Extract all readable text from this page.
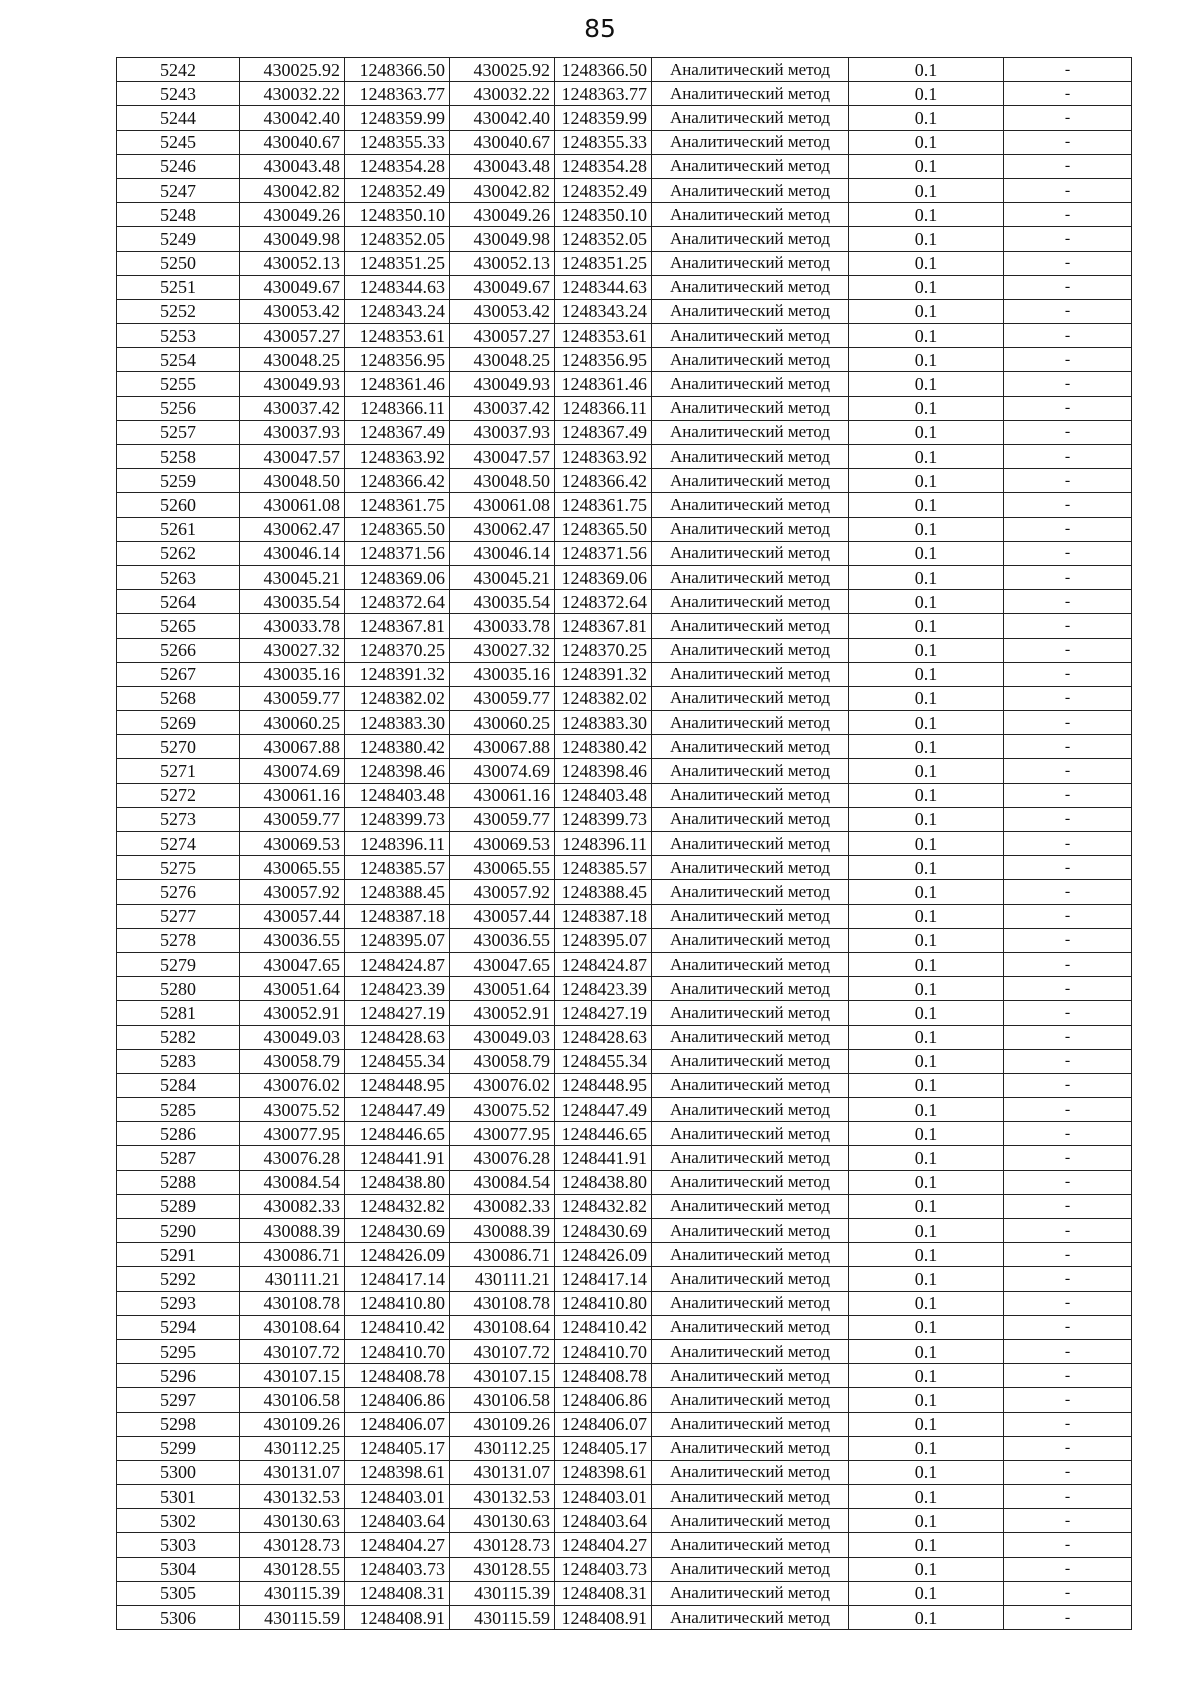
85
5242	430025.92	1248366.50	430025.92	1248366.50	Аналитический метод	0.1	-
5243	430032.22	1248363.77	430032.22	1248363.77	Аналитический метод	0.1	-
5244	430042.40	1248359.99	430042.40	1248359.99	Аналитический метод	0.1	-
5245	430040.67	1248355.33	430040.67	1248355.33	Аналитический метод	0.1	-
5246	430043.48	1248354.28	430043.48	1248354.28	Аналитический метод	0.1	-
5247	430042.82	1248352.49	430042.82	1248352.49	Аналитический метод	0.1	-
5248	430049.26	1248350.10	430049.26	1248350.10	Аналитический метод	0.1	-
5249	430049.98	1248352.05	430049.98	1248352.05	Аналитический метод	0.1	-
5250	430052.13	1248351.25	430052.13	1248351.25	Аналитический метод	0.1	-
5251	430049.67	1248344.63	430049.67	1248344.63	Аналитический метод	0.1	-
5252	430053.42	1248343.24	430053.42	1248343.24	Аналитический метод	0.1	-
5253	430057.27	1248353.61	430057.27	1248353.61	Аналитический метод	0.1	-
5254	430048.25	1248356.95	430048.25	1248356.95	Аналитический метод	0.1	-
5255	430049.93	1248361.46	430049.93	1248361.46	Аналитический метод	0.1	-
5256	430037.42	1248366.11	430037.42	1248366.11	Аналитический метод	0.1	-
5257	430037.93	1248367.49	430037.93	1248367.49	Аналитический метод	0.1	-
5258	430047.57	1248363.92	430047.57	1248363.92	Аналитический метод	0.1	-
5259	430048.50	1248366.42	430048.50	1248366.42	Аналитический метод	0.1	-
5260	430061.08	1248361.75	430061.08	1248361.75	Аналитический метод	0.1	-
5261	430062.47	1248365.50	430062.47	1248365.50	Аналитический метод	0.1	-
5262	430046.14	1248371.56	430046.14	1248371.56	Аналитический метод	0.1	-
5263	430045.21	1248369.06	430045.21	1248369.06	Аналитический метод	0.1	-
5264	430035.54	1248372.64	430035.54	1248372.64	Аналитический метод	0.1	-
5265	430033.78	1248367.81	430033.78	1248367.81	Аналитический метод	0.1	-
5266	430027.32	1248370.25	430027.32	1248370.25	Аналитический метод	0.1	-
5267	430035.16	1248391.32	430035.16	1248391.32	Аналитический метод	0.1	-
5268	430059.77	1248382.02	430059.77	1248382.02	Аналитический метод	0.1	-
5269	430060.25	1248383.30	430060.25	1248383.30	Аналитический метод	0.1	-
5270	430067.88	1248380.42	430067.88	1248380.42	Аналитический метод	0.1	-
5271	430074.69	1248398.46	430074.69	1248398.46	Аналитический метод	0.1	-
5272	430061.16	1248403.48	430061.16	1248403.48	Аналитический метод	0.1	-
5273	430059.77	1248399.73	430059.77	1248399.73	Аналитический метод	0.1	-
5274	430069.53	1248396.11	430069.53	1248396.11	Аналитический метод	0.1	-
5275	430065.55	1248385.57	430065.55	1248385.57	Аналитический метод	0.1	-
5276	430057.92	1248388.45	430057.92	1248388.45	Аналитический метод	0.1	-
5277	430057.44	1248387.18	430057.44	1248387.18	Аналитический метод	0.1	-
5278	430036.55	1248395.07	430036.55	1248395.07	Аналитический метод	0.1	-
5279	430047.65	1248424.87	430047.65	1248424.87	Аналитический метод	0.1	-
5280	430051.64	1248423.39	430051.64	1248423.39	Аналитический метод	0.1	-
5281	430052.91	1248427.19	430052.91	1248427.19	Аналитический метод	0.1	-
5282	430049.03	1248428.63	430049.03	1248428.63	Аналитический метод	0.1	-
5283	430058.79	1248455.34	430058.79	1248455.34	Аналитический метод	0.1	-
5284	430076.02	1248448.95	430076.02	1248448.95	Аналитический метод	0.1	-
5285	430075.52	1248447.49	430075.52	1248447.49	Аналитический метод	0.1	-
5286	430077.95	1248446.65	430077.95	1248446.65	Аналитический метод	0.1	-
5287	430076.28	1248441.91	430076.28	1248441.91	Аналитический метод	0.1	-
5288	430084.54	1248438.80	430084.54	1248438.80	Аналитический метод	0.1	-
5289	430082.33	1248432.82	430082.33	1248432.82	Аналитический метод	0.1	-
5290	430088.39	1248430.69	430088.39	1248430.69	Аналитический метод	0.1	-
5291	430086.71	1248426.09	430086.71	1248426.09	Аналитический метод	0.1	-
5292	430111.21	1248417.14	430111.21	1248417.14	Аналитический метод	0.1	-
5293	430108.78	1248410.80	430108.78	1248410.80	Аналитический метод	0.1	-
5294	430108.64	1248410.42	430108.64	1248410.42	Аналитический метод	0.1	-
5295	430107.72	1248410.70	430107.72	1248410.70	Аналитический метод	0.1	-
5296	430107.15	1248408.78	430107.15	1248408.78	Аналитический метод	0.1	-
5297	430106.58	1248406.86	430106.58	1248406.86	Аналитический метод	0.1	-
5298	430109.26	1248406.07	430109.26	1248406.07	Аналитический метод	0.1	-
5299	430112.25	1248405.17	430112.25	1248405.17	Аналитический метод	0.1	-
5300	430131.07	1248398.61	430131.07	1248398.61	Аналитический метод	0.1	-
5301	430132.53	1248403.01	430132.53	1248403.01	Аналитический метод	0.1	-
5302	430130.63	1248403.64	430130.63	1248403.64	Аналитический метод	0.1	-
5303	430128.73	1248404.27	430128.73	1248404.27	Аналитический метод	0.1	-
5304	430128.55	1248403.73	430128.55	1248403.73	Аналитический метод	0.1	-
5305	430115.39	1248408.31	430115.39	1248408.31	Аналитический метод	0.1	-
5306	430115.59	1248408.91	430115.59	1248408.91	Аналитический метод	0.1	-
